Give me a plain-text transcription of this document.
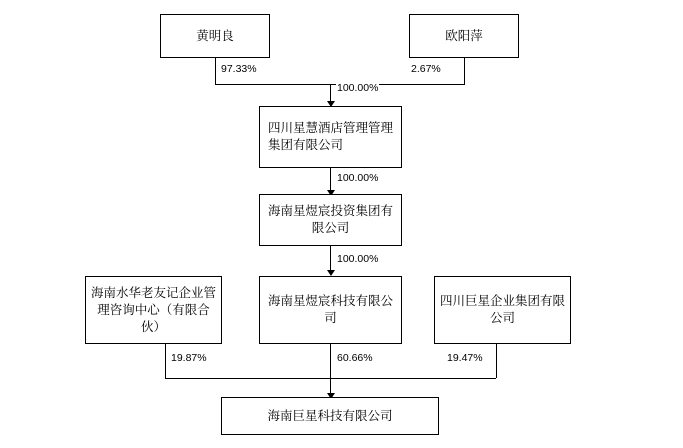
黄明良	欧阳萍
97.33%	2.67%
100.00%
四川星慧酒店管理管理集团有限公司
100.00%
海南星煜宸投资集团有限公司
100.00%
海南水华老友记企业管理咨询中心（有限合伙）
海南星煜宸科技有限公司
四川巨星企业集团有限公司
19.87%	60.66%	19.47%
海南巨星科技有限公司
